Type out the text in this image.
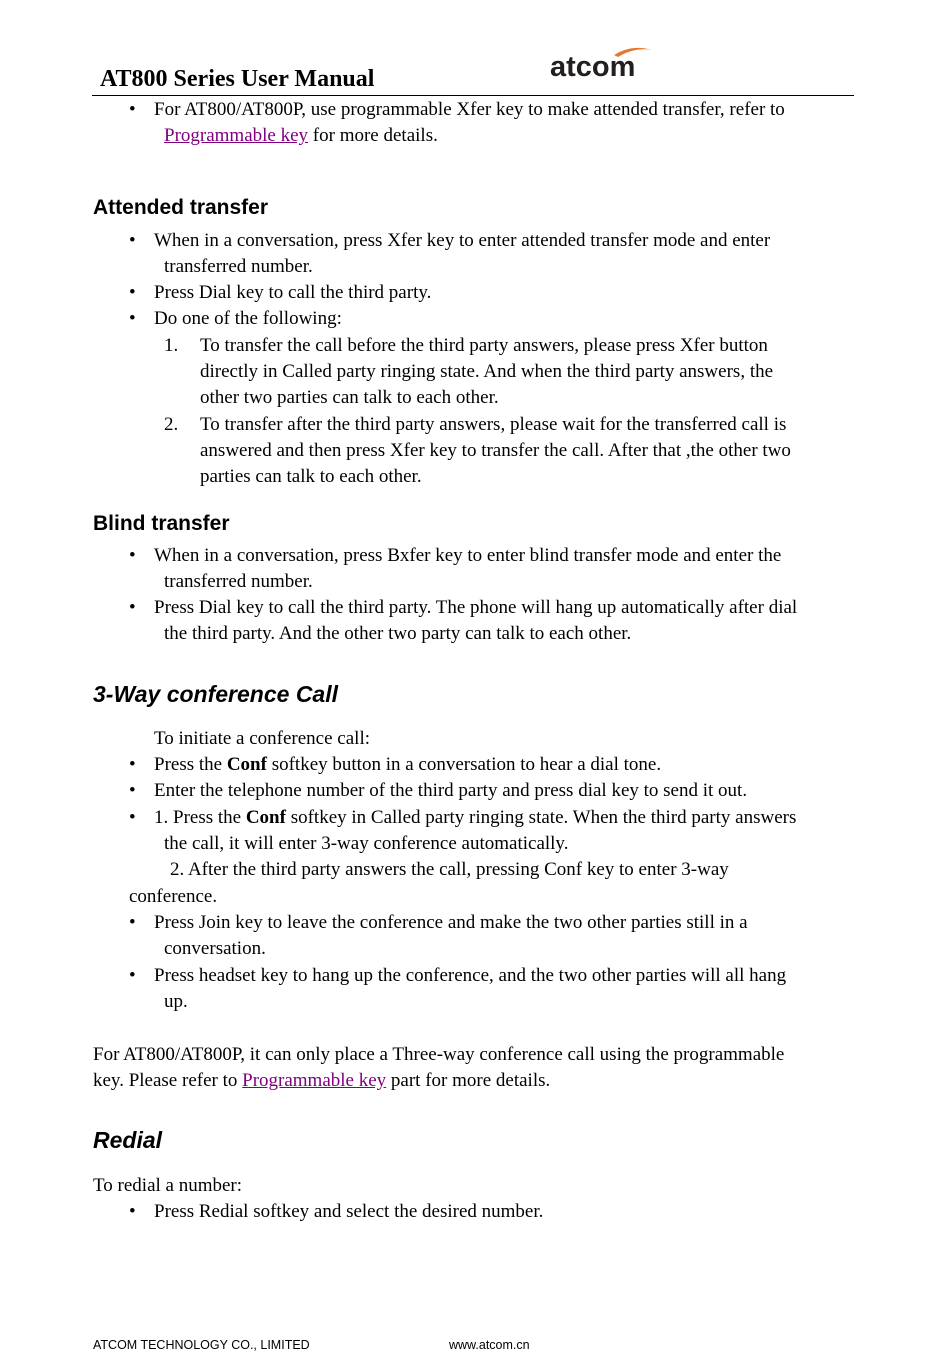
AT800 Series User Manual	atcom
• For AT800/AT800P, use programmable Xfer key to make attended transfer, refer to
Programmable key for more details.
Attended transfer
• When in a conversation, press Xfer key to enter attended transfer mode and enter
transferred number.
• Press Dial key to call the third party.
• Do one of the following:
1. To transfer the call before the third party answers, please press Xfer button
directly in Called party ringing state. And when the third party answers, the
other two parties can talk to each other.
2. To transfer after the third party answers, please wait for the transferred call is
answered and then press Xfer key to transfer the call. After that ,the other two
parties can talk to each other.
Blind transfer
• When in a conversation, press Bxfer key to enter blind transfer mode and enter the
transferred number.
• Press Dial key to call the third party. The phone will hang up automatically after dial
the third party. And the other two party can talk to each other.
3-Way conference Call
To initiate a conference call:
• Press the Conf softkey button in a conversation to hear a dial tone.
• Enter the telephone number of the third party and press dial key to send it out.
• 1. Press the Conf softkey in Called party ringing state. When the third party answers
the call, it will enter 3-way conference automatically.
2. After the third party answers the call, pressing Conf key to enter 3-way
conference.
• Press Join key to leave the conference and make the two other parties still in a
conversation.
• Press headset key to hang up the conference, and the two other parties will all hang
up.
For AT800/AT800P, it can only place a Three-way conference call using the programmable
key. Please refer to Programmable key part for more details.
Redial
To redial a number:
• Press Redial softkey and select the desired number.
ATCOM TECHNOLOGY CO., LIMITED	www.atcom.cn
